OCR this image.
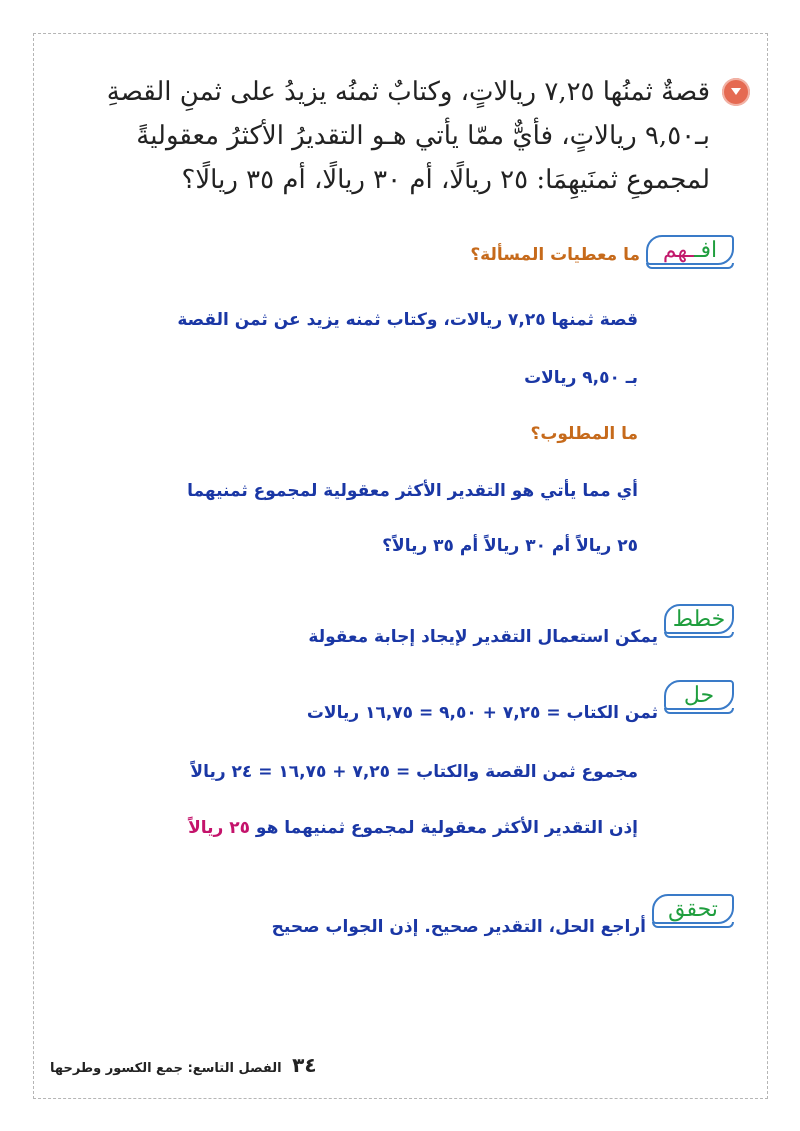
قصةٌ ثمنُها ٧,٢٥ ريالاتٍ، وكتابٌ ثمنُه يزيدُ على ثمنِ القصةِ
بـ٩,٥٠ ريالاتٍ، فأيٌّ ممّا يأتي هـو التقديرُ الأكثرُ معقوليةً
لمجموعِ ثمنَيهِمَا: ٢٥ ريالًا، أم ٣٠ ريالًا، أم ٣٥ ريالًا؟
افــهم
ما معطيات المسألة؟
قصة ثمنها ٧,٢٥ ريالات، وكتاب ثمنه يزيد عن ثمن القصة
بـ ٩,٥٠ ريالات
ما المطلوب؟
أي مما يأتي هو التقدير الأكثر معقولية لمجموع ثمنيهما
٢٥ ريالاً أم ٣٠ ريالاً أم ٣٥ ريالاً؟
خطط
يمكن استعمال التقدير لإيجاد إجابة معقولة
حل
ثمن الكتاب = ٧,٢٥ + ٩,٥٠ = ١٦,٧٥ ريالات
مجموع ثمن القصة والكتاب = ٧,٢٥ + ١٦,٧٥ = ٢٤ ريالاً
إذن التقدير الأكثر معقولية لمجموع ثمنيهما هو ٢٥ ريالاً
تحقق
أراجع الحل، التقدير صحيح. إذن الجواب صحيح
٣٤ الفصل التاسع: جمع الكسور وطرحها
